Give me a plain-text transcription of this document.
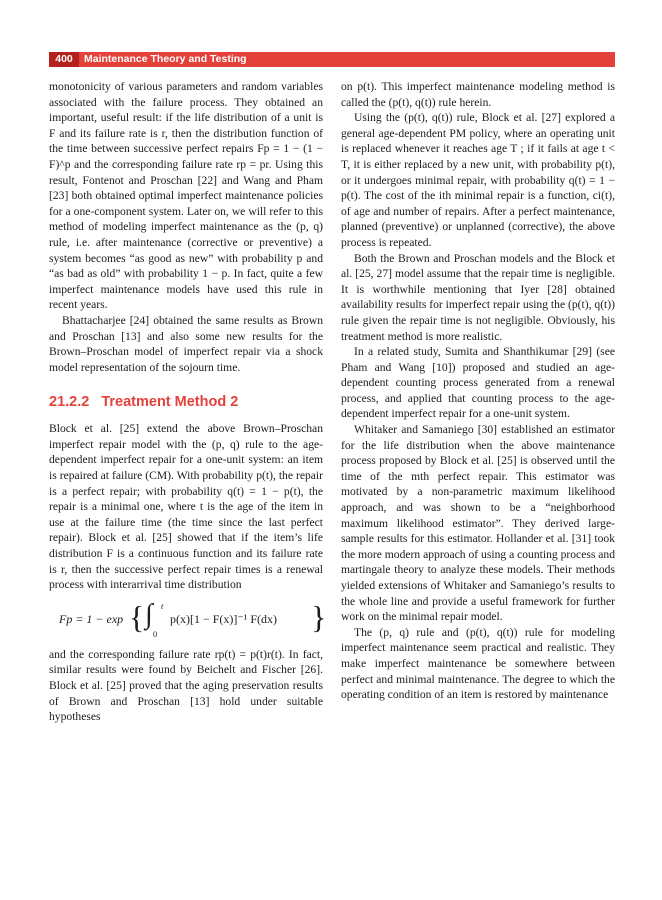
400	Maintenance Theory and Testing

monotonicity of various parameters and random variables associated with the failure process. They obtained an important, useful result: if the life distribution of a unit is F and its failure rate is r, then the distribution function of the time between successive perfect repairs Fp = 1 − (1 − F)^p and the corresponding failure rate rp = pr. Using this result, Fontenot and Proschan [22] and Wang and Pham [23] both obtained optimal imperfect maintenance policies for a one-component system. Later on, we will refer to this method of modeling imperfect maintenance as the (p, q) rule, i.e. after maintenance (corrective or preventive) a system becomes “as good as new” with probability p and “as bad as old” with probability 1 − p. In fact, quite a few imperfect maintenance models have used this rule in recent years.

Bhattacharjee [24] obtained the same results as Brown and Proschan [13] and also some new results for the Brown–Proschan model of imperfect repair via a shock model representation of the sojourn time.

21.2.2 Treatment Method 2

Block et al. [25] extend the above Brown–Proschan imperfect repair model with the (p, q) rule to the age-dependent imperfect repair for a one-unit system: an item is repaired at failure (CM). With probability p(t), the repair is a perfect repair; with probability q(t) = 1 − p(t), the repair is a minimal one, where t is the age of the item in use at the failure time (the time since the last perfect repair). Block et al. [25] showed that if the item’s life distribution F is a continuous function and its failure rate is r, then the successive perfect repair times is a renewal process with interarrival time distribution

Fp = 1 − exp { ∫ t
0
p(x)[1 − F(x)]⁻¹ F(dx) }

and the corresponding failure rate rp(t) = p(t)r(t). In fact, similar results were found by Beichelt and Fischer [26]. Block et al. [25] proved that the aging preservation results of Brown and Proschan [13] hold under suitable hypotheses

on p(t). This imperfect maintenance modeling method is called the (p(t), q(t)) rule herein.

Using the (p(t), q(t)) rule, Block et al. [27] explored a general age-dependent PM policy, where an operating unit is replaced whenever it reaches age T ; if it fails at age t < T, it is either replaced by a new unit, with probability p(t), or it undergoes minimal repair, with probability q(t) = 1 − p(t). The cost of the ith minimal repair is a function, ci(t), of age and number of repairs. After a perfect maintenance, planned (preventive) or unplanned (corrective), the above process is repeated.

Both the Brown and Proschan models and the Block et al. [25, 27] model assume that the repair time is negligible. It is worthwhile mentioning that Iyer [28] obtained availability results for imperfect repair using the (p(t), q(t)) rule given the repair time is not negligible. Obviously, his treatment method is more realistic.

In a related study, Sumita and Shanthikumar [29] (see Pham and Wang [10]) proposed and studied an age-dependent counting process generated from a renewal process, and applied that counting process to the age-dependent imperfect repair for a one-unit system.

Whitaker and Samaniego [30] established an estimator for the life distribution when the above maintenance process proposed by Block et al. [25] is observed until the time of the mth perfect repair. This estimator was motivated by a non-parametric maximum likelihood approach, and was shown to be a “neighborhood maximum likelihood estimator”. They derived large-sample results for this estimator. Hollander et al. [31] took the more modern approach of using a counting process and martingale theory to analyze these models. Their methods yielded extensions of Whitaker and Samaniego’s results to the whole line and provide a useful framework for further work on the minimal repair model.

The (p, q) rule and (p(t), q(t)) rule for modeling imperfect maintenance seem practical and realistic. They make imperfect maintenance be somewhere between perfect and minimal maintenance. The degree to which the operating condition of an item is restored by maintenance
